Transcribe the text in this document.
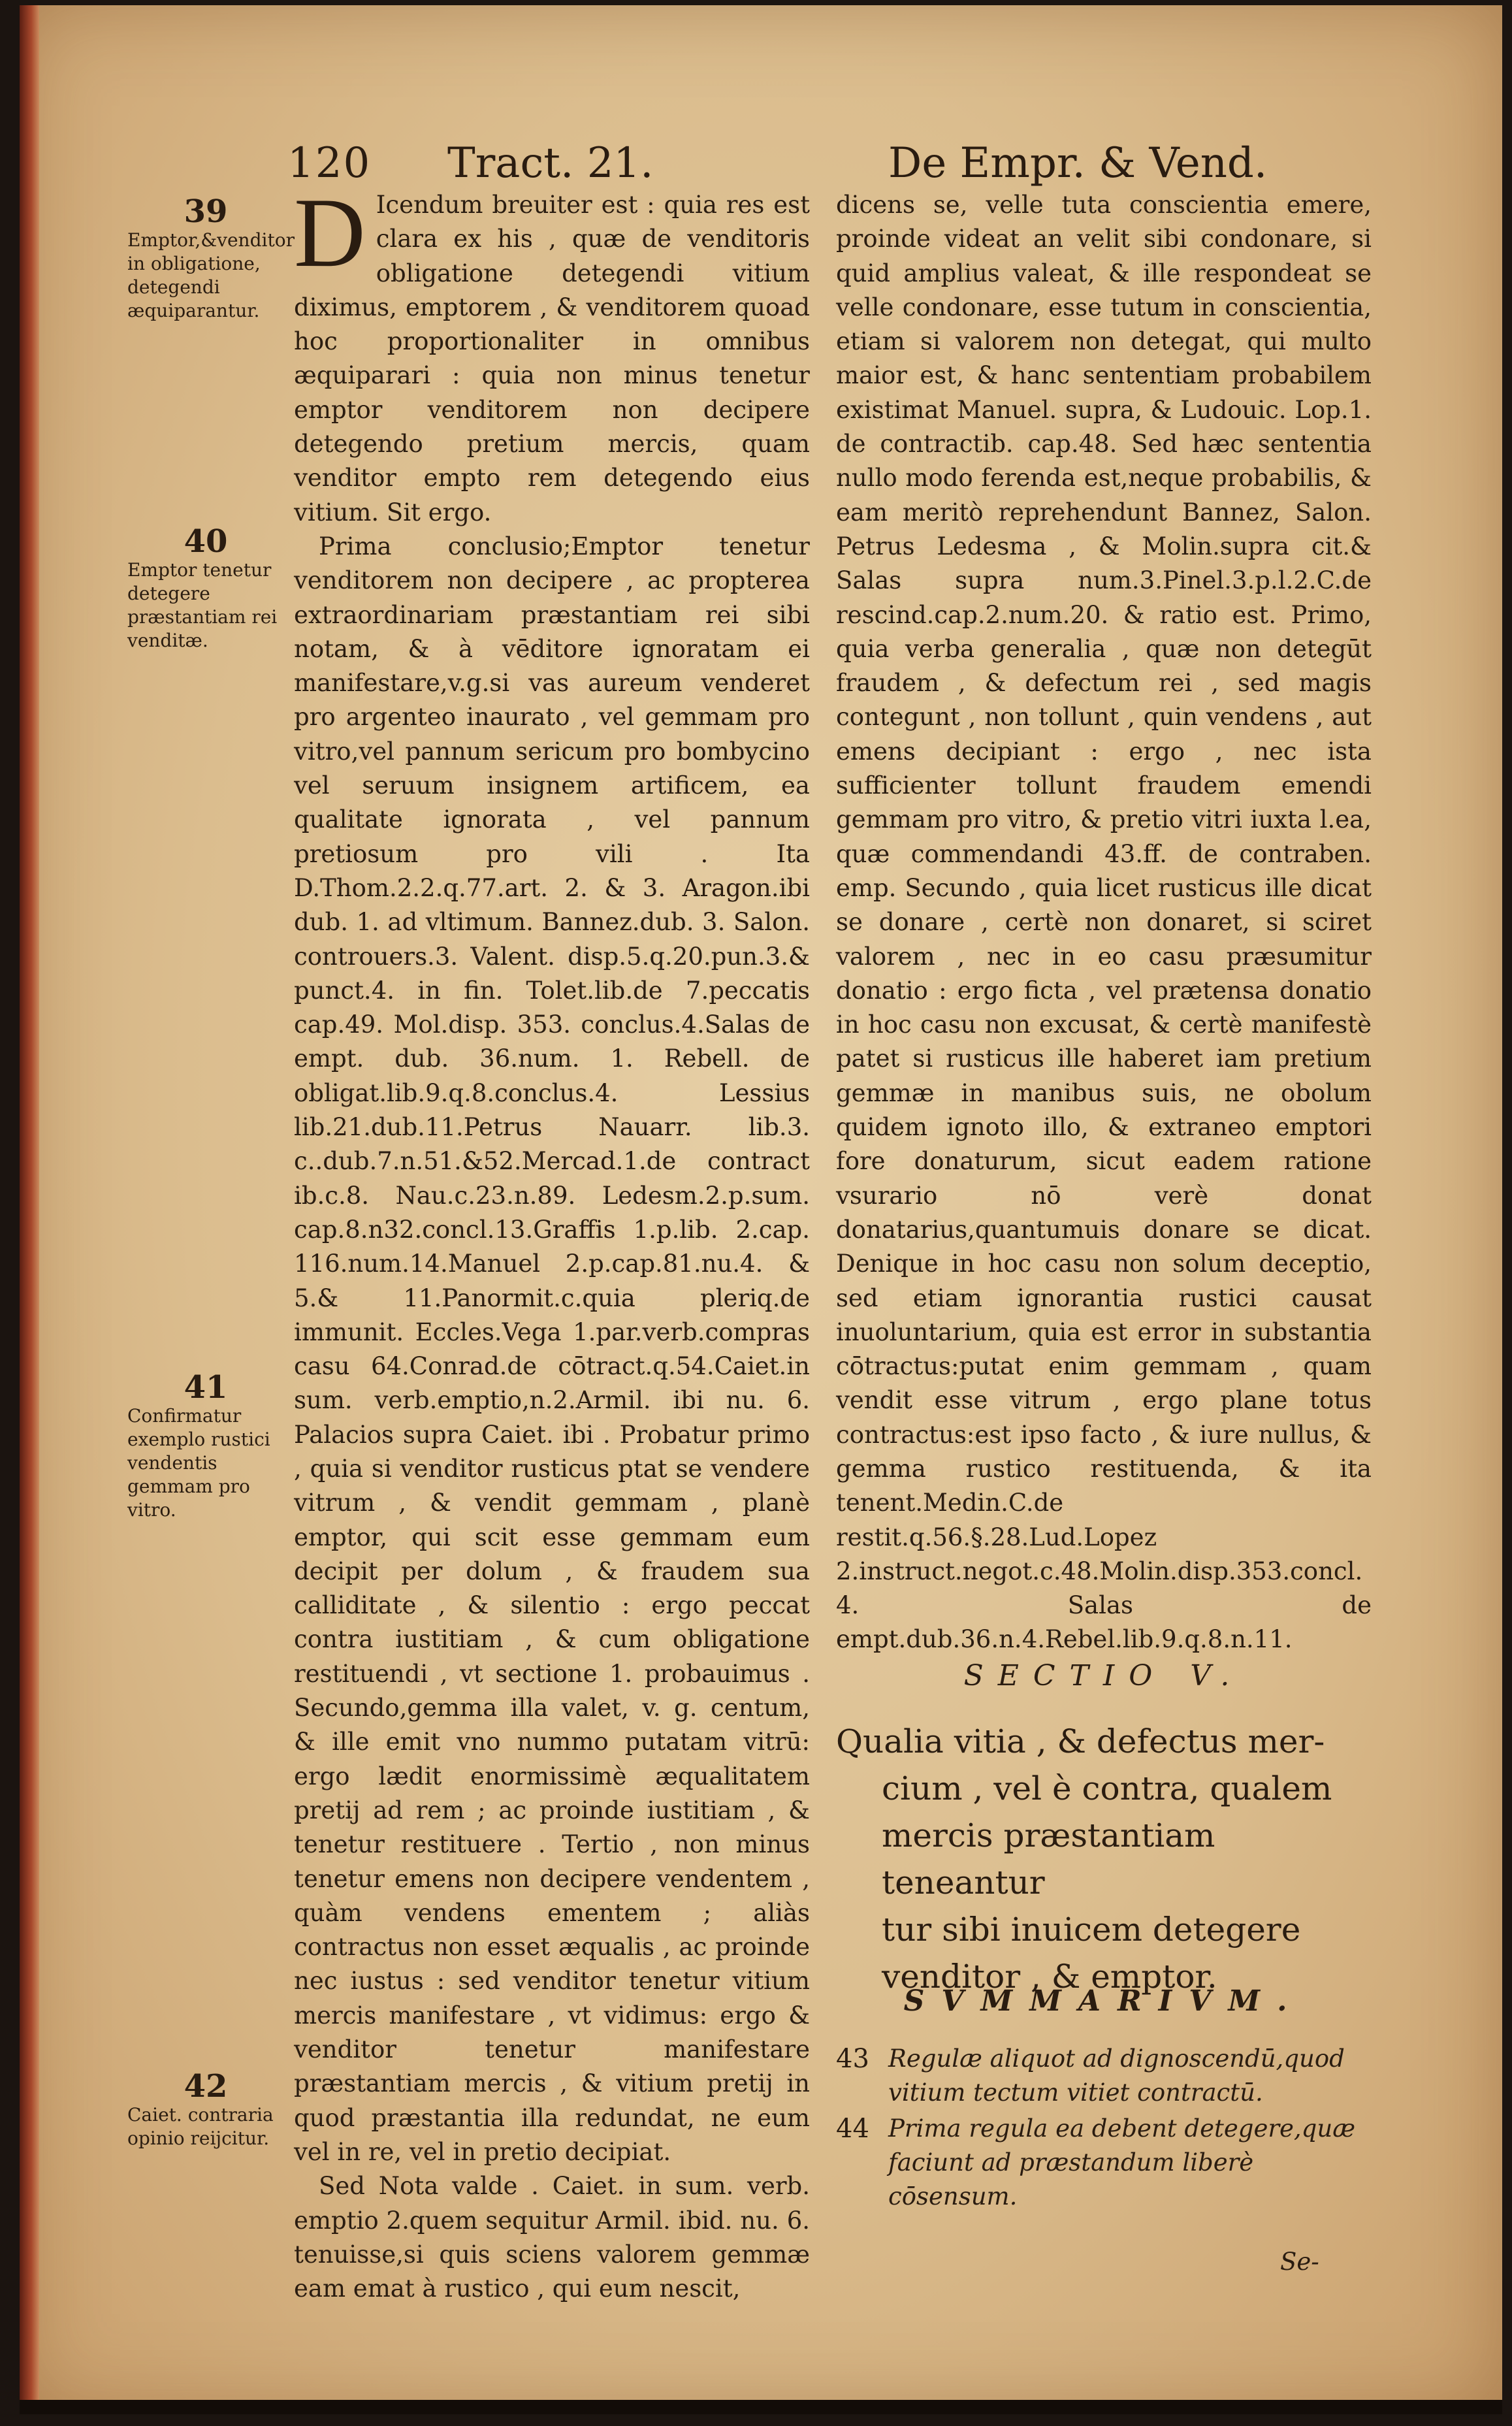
120 Tract. 21.	De Empr. & Vend.
39
Emptor,&venditor in obligatione, detegendi æquiparantur.
40
Emptor tenetur detegere præstantiam rei venditæ.
41
Confirmatur exemplo rustici vendentis gemmam pro vitro.
42
Caiet. contraria opinio reijcitur.
D Icendum breuiter est : quia res est clara ex his , quæ de venditoris obligatione detegendi vitium diximus, emptorem , & venditorem quoad hoc proportionaliter in omnibus æquiparari : quia non minus tenetur emptor venditorem non decipere detegendo pretium mercis, quam venditor empto rem detegendo eius vitium. Sit ergo.

Prima conclusio;Emptor tenetur venditorem non decipere , ac propterea extraordinariam præstantiam rei sibi notam, & à vēditore ignoratam ei manifestare,v.g.si vas aureum venderet pro argenteo inaurato , vel gemmam pro vitro,vel pannum sericum pro bombycino vel seruum insignem artificem, ea qualitate ignorata , vel pannum pretiosum pro vili . Ita D.Thom.2.2.q.77.art. 2. & 3. Aragon.ibi dub. 1. ad vltimum. Bannez.dub. 3. Salon. controuers.3. Valent. disp.5.q.20.pun.3.& punct.4. in fin. Tolet.lib.de 7.peccatis cap.49. Mol.disp. 353. conclus.4.Salas de empt. dub. 36.num. 1. Rebell. de obligat.lib.9.q.8.conclus.4. Lessius lib.21.dub.11.Petrus Nauarr. lib.3. c..dub.7.n.51.&52.Mercad.1.de contract ib.c.8. Nau.c.23.n.89. Ledesm.2.p.sum. cap.8.n32.concl.13.Graffis 1.p.lib. 2.cap. 116.num.14.Manuel 2.p.cap.81.nu.4. & 5.& 11.Panormit.c.quia pleriq.de immunit. Eccles.Vega 1.par.verb.compras casu 64.Conrad.de cōtract.q.54.Caiet.in sum. verb.emptio,n.2.Armil. ibi nu. 6. Palacios supra Caiet. ibi . Probatur primo , quia si venditor rusticus ptat se vendere vitrum , & vendit gemmam , planè emptor, qui scit esse gemmam eum decipit per dolum , & fraudem sua calliditate , & silentio : ergo peccat contra iustitiam , & cum obligatione restituendi , vt sectione 1. probauimus . Secundo,gemma illa valet, v. g. centum, & ille emit vno nummo putatam vitrū: ergo lædit enormissimè æqualitatem pretij ad rem ; ac proinde iustitiam , & tenetur restituere . Tertio , non minus tenetur emens non decipere vendentem , quàm vendens ementem ; aliàs contractus non esset æqualis , ac proinde nec iustus : sed venditor tenetur vitium mercis manifestare , vt vidimus: ergo & venditor tenetur manifestare præstantiam mercis , & vitium pretij in quod præstantia illa redundat, ne eum vel in re, vel in pretio decipiat.

Sed Nota valde . Caiet. in sum. verb. emptio 2.quem sequitur Armil. ibid. nu. 6. tenuisse,si quis sciens valorem gemmæ eam emat à rustico , qui eum nescit,

dicens se, velle tuta conscientia emere, proinde videat an velit sibi condonare, si quid amplius valeat, & ille respondeat se velle condonare, esse tutum in conscientia, etiam si valorem non detegat, qui multo maior est, & hanc sententiam probabilem existimat Manuel. supra, & Ludouic. Lop.1. de contractib. cap.48. Sed hæc sententia nullo modo ferenda est,neque probabilis, & eam meritò reprehendunt Bannez, Salon. Petrus Ledesma , & Molin.supra cit.& Salas supra num.3.Pinel.3.p.l.2.C.de rescind.cap.2.num.20. & ratio est. Primo, quia verba generalia , quæ non detegūt fraudem , & defectum rei , sed magis contegunt , non tollunt , quin vendens , aut emens decipiant : ergo , nec ista sufficienter tollunt fraudem emendi gemmam pro vitro, & pretio vitri iuxta l.ea, quæ commendandi 43.ff. de contraben. emp. Secundo , quia licet rusticus ille dicat se donare , certè non donaret, si sciret valorem , nec in eo casu præsumitur donatio : ergo ficta , vel prætensa donatio in hoc casu non excusat, & certè manifestè patet si rusticus ille haberet iam pretium gemmæ in manibus suis, ne obolum quidem ignoto illo, & extraneo emptori fore donaturum, sicut eadem ratione vsurario nō verè donat donatarius,quantumuis donare se dicat. Denique in hoc casu non solum deceptio, sed etiam ignorantia rustici causat inuoluntarium, quia est error in substantia cōtractus:putat enim gemmam , quam vendit esse vitrum , ergo plane totus contractus:est ipso facto , & iure nullus, & gemma rustico restituenda, & ita tenent.Medin.C.de restit.q.56.§.28.Lud.Lopez 2.instruct.negot.c.48.Molin.disp.353.concl. 4. Salas de empt.dub.36.n.4.Rebel.lib.9.q.8.n.11.

SECTIO V.
Qualia vitia , & defectus mer-
cium , vel è contra, qualem
mercis præstantiam teneantur
tur sibi inuicem detegere
venditor , & emptor.
SVMMARIVM.
43 Regulæ aliquot ad dignoscendū,quod vitium tectum vitiet contractū.
44 Prima regula ea debent detegere,quæ faciunt ad præstandum liberè cōsensum.
Se-
